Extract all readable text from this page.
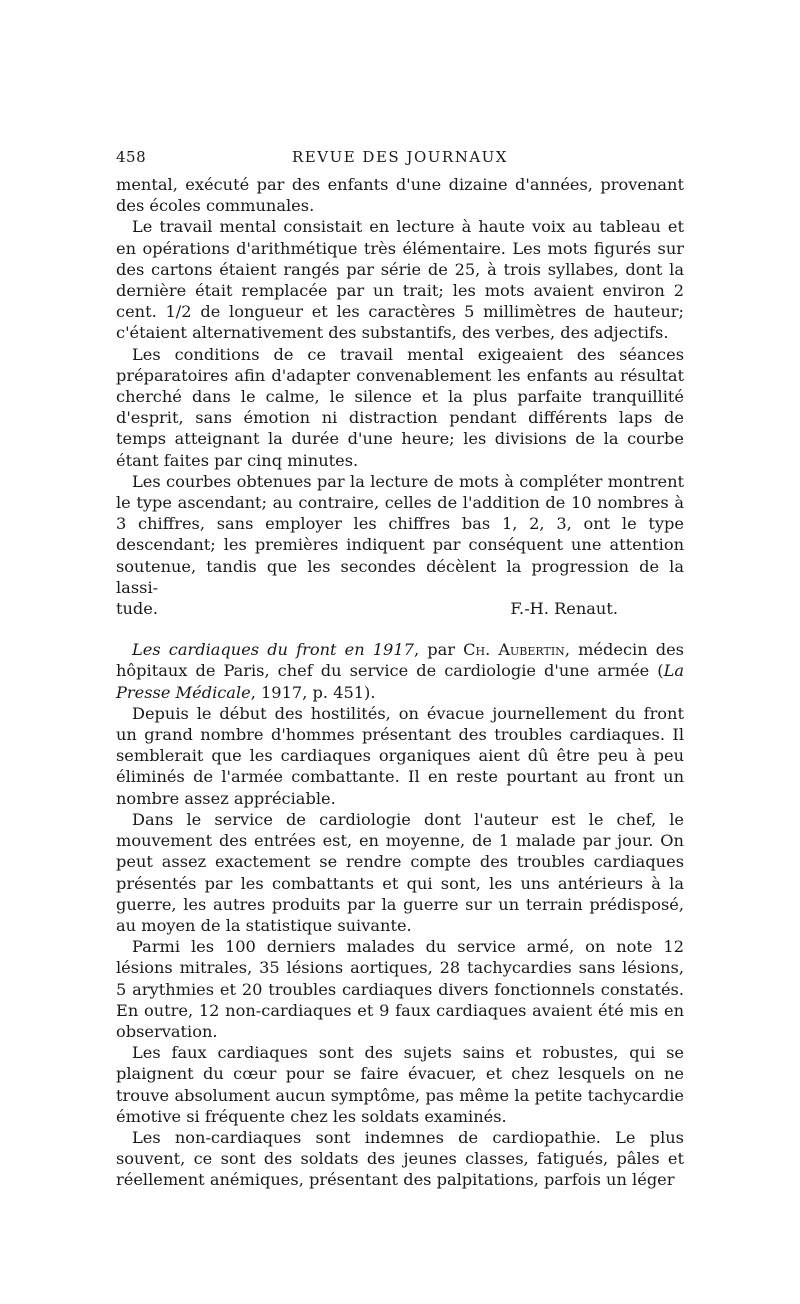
458	REVUE DES JOURNAUX

mental, exécuté par des enfants d'une dizaine d'années, provenant des écoles communales.

Le travail mental consistait en lecture à haute voix au tableau et en opérations d'arithmétique très élémentaire. Les mots figurés sur des cartons étaient rangés par série de 25, à trois syllabes, dont la dernière était remplacée par un trait; les mots avaient environ 2 cent. 1/2 de longueur et les caractères 5 millimètres de hauteur; c'étaient alternativement des substantifs, des verbes, des adjectifs.

Les conditions de ce travail mental exigeaient des séances préparatoires afin d'adapter convenablement les enfants au résultat cherché dans le calme, le silence et la plus parfaite tranquillité d'esprit, sans émotion ni distraction pendant différents laps de temps atteignant la durée d'une heure; les divisions de la courbe étant faites par cinq minutes.

Les courbes obtenues par la lecture de mots à compléter montrent le type ascendant; au contraire, celles de l'addition de 10 nombres à 3 chiffres, sans employer les chiffres bas 1, 2, 3, ont le type descendant; les premières indiquent par conséquent une attention soutenue, tandis que les secondes décèlent la progression de la lassi-

tude.	F.-H. Renaut.

Les cardiaques du front en 1917, par Ch. Aubertin, médecin des hôpitaux de Paris, chef du service de cardiologie d'une armée (La Presse Médicale, 1917, p. 451).

Depuis le début des hostilités, on évacue journellement du front un grand nombre d'hommes présentant des troubles cardiaques. Il semblerait que les cardiaques organiques aient dû être peu à peu éliminés de l'armée combattante. Il en reste pourtant au front un nombre assez appréciable.

Dans le service de cardiologie dont l'auteur est le chef, le mouvement des entrées est, en moyenne, de 1 malade par jour. On peut assez exactement se rendre compte des troubles cardiaques présentés par les combattants et qui sont, les uns antérieurs à la guerre, les autres produits par la guerre sur un terrain prédisposé, au moyen de la statistique suivante.

Parmi les 100 derniers malades du service armé, on note 12 lésions mitrales, 35 lésions aortiques, 28 tachycardies sans lésions, 5 arythmies et 20 troubles cardiaques divers fonctionnels constatés. En outre, 12 non-cardiaques et 9 faux cardiaques avaient été mis en observation.

Les faux cardiaques sont des sujets sains et robustes, qui se plaignent du cœur pour se faire évacuer, et chez lesquels on ne trouve absolument aucun symptôme, pas même la petite tachycardie émotive si fréquente chez les soldats examinés.

Les non-cardiaques sont indemnes de cardiopathie. Le plus souvent, ce sont des soldats des jeunes classes, fatigués, pâles et réellement anémiques, présentant des palpitations, parfois un léger
